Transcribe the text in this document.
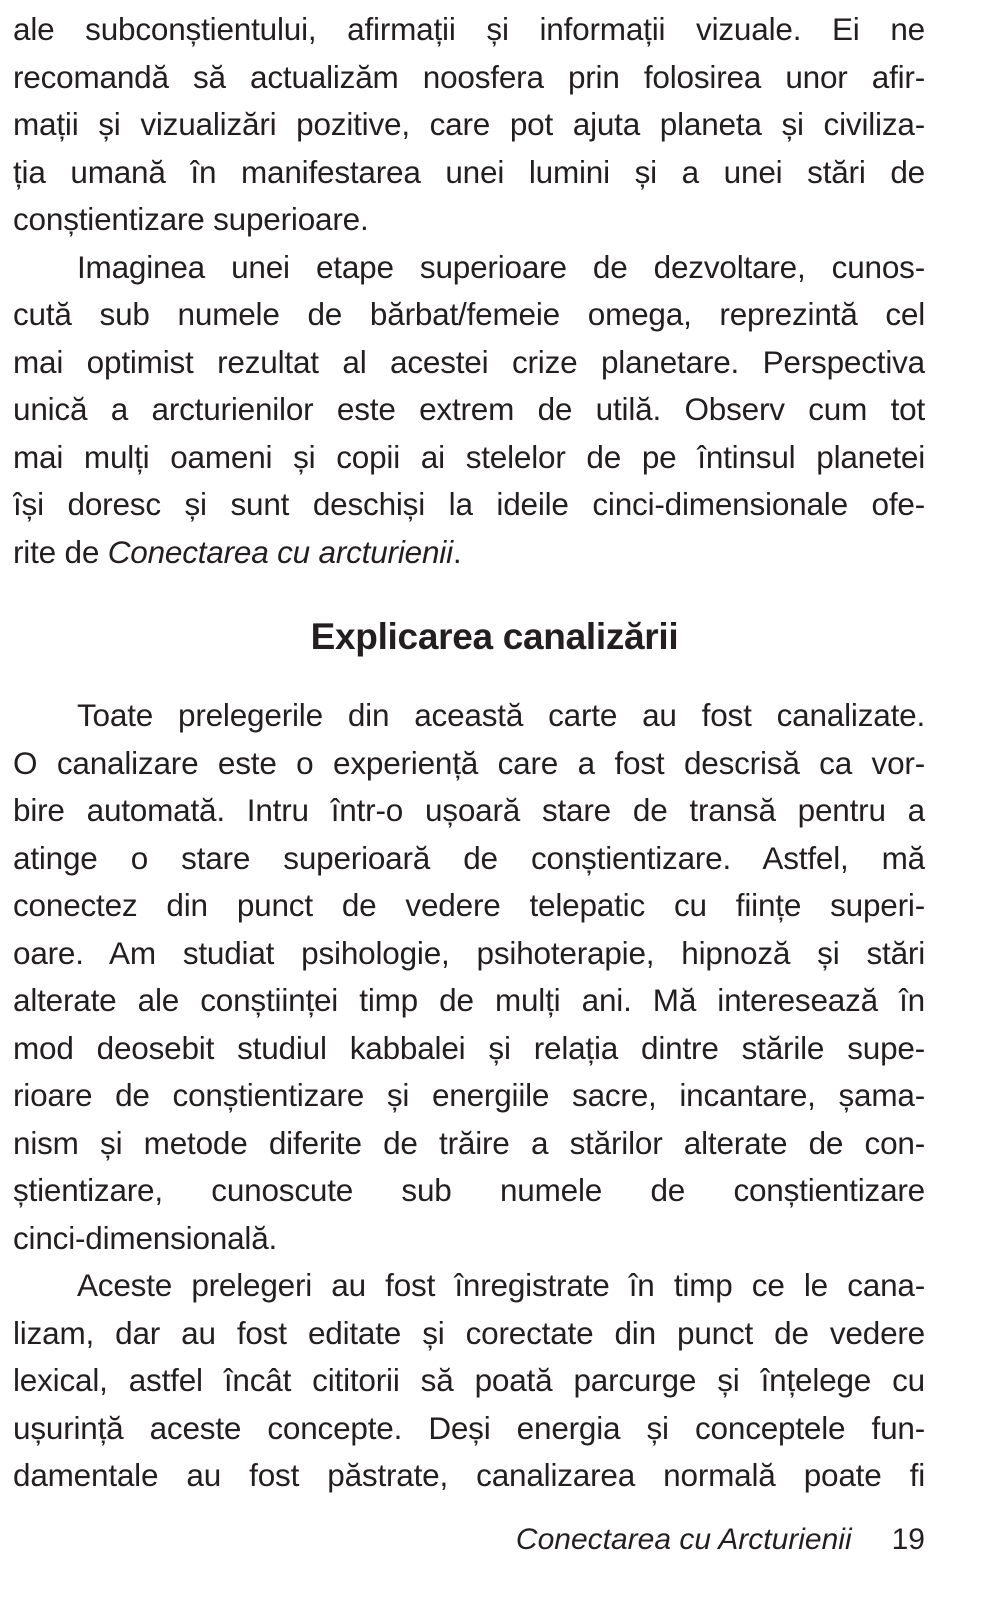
ale subconștientului, afirmații și informații vizuale. Ei ne
recomandă să actualizăm noosfera prin folosirea unor afir-
mații și vizualizări pozitive, care pot ajuta planeta și civiliza-
ția umană în manifestarea unei lumini și a unei stări de
conștientizare superioare.
Imaginea unei etape superioare de dezvoltare, cunos-
cută sub numele de bărbat/femeie omega, reprezintă cel
mai optimist rezultat al acestei crize planetare. Perspectiva
unică a arcturienilor este extrem de utilă. Observ cum tot
mai mulți oameni și copii ai stelelor de pe întinsul planetei
își doresc și sunt deschiși la ideile cinci-dimensionale ofe-
rite de Conectarea cu arcturienii.
Explicarea canalizării
Toate prelegerile din această carte au fost canalizate.
O canalizare este o experiență care a fost descrisă ca vor-
bire automată. Intru într-o ușoară stare de transă pentru a
atinge o stare superioară de conștientizare. Astfel, mă
conectez din punct de vedere telepatic cu ființe superi-
oare. Am studiat psihologie, psihoterapie, hipnoză și stări
alterate ale conștiinței timp de mulți ani. Mă interesează în
mod deosebit studiul kabbalei și relația dintre stările supe-
rioare de conștientizare și energiile sacre, incantare, șama-
nism și metode diferite de trăire a stărilor alterate de con-
știentizare, cunoscute sub numele de conștientizare
cinci-dimensională.
Aceste prelegeri au fost înregistrate în timp ce le cana-
lizam, dar au fost editate și corectate din punct de vedere
lexical, astfel încât cititorii să poată parcurge și înțelege cu
ușurință aceste concepte. Deși energia și conceptele fun-
damentale au fost păstrate, canalizarea normală poate fi
Conectarea cu Arcturienii 19
